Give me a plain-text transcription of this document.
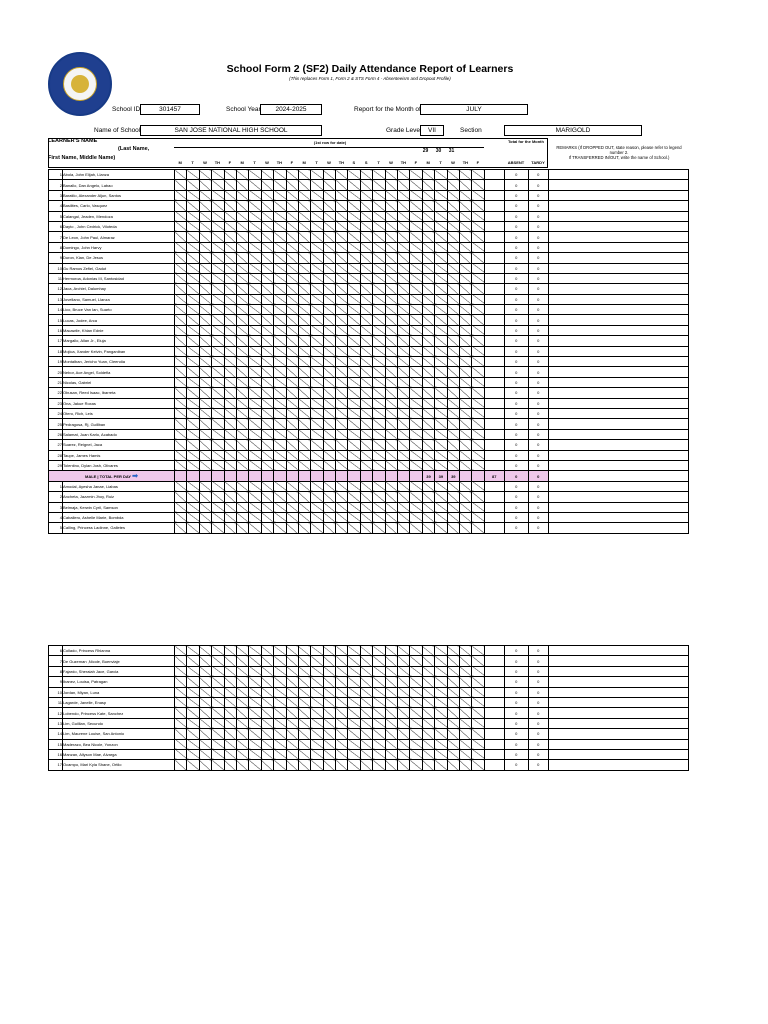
School Form 2 (SF2) Daily Attendance Report of Learners
(This replaces Form 1, Form 2 & STS Form 4 - Absenteeism and Dropout Profile)
School ID	301457	School Year	2024-2025	Report for the Month of	JULY
Name of School	SAN JOSE NATIONAL HIGH SCHOOL	Grade Level	VII	Section	MARIGOLD
LEARNER'S NAME
(Last Name,
First Name, Middle Name)
(1st row for date)
29	30	31
M	T	W	TH	F	M	T	W	TH	F	M	T	W	TH	S	S	T	W	TH	F	M	T	W	TH	F
Total for the Month
ABSENT	TARDY
REMARKS (If DROPPED OUT, state reason, please refer to legend number 2.
If TRANSFERRED IN/OUT, write the name of School.)
1	Abola, John Elijah, Llanza																											0	0	
2	Banallo, Dan Angelo, Labao																											0	0	
3	Baratilo, Alexander Aljun, Santos																											0	0	
4	Basilites, Carlo, Vasquez																											0	0	
5	Calangal, Jeaden, Mendoza																											0	0	
6	Dayto , John Cedrick, Viloteda																											0	0	
7	De Leon, John Paul, Almaraz																											0	0	
8	Domingo, John Harvy																											0	0	
9	Duron, Kian, De Jesus																											0	0	
10	Gu Ramos Zefiel, Gadut																											0	0	
11	Hermoroa, Adonias III, Santosidad																											0	0	
12	Jaca, Archiel, Dalumhay																											0	0	
13	Jovellano, Samuel, Llanza																											0	0	
14	Lico, Bruce Van Ian, Suarto																											0	0	
15	Lucas, Jodee, Arca																											0	0	
16	Macawile, Khian Ednie																											0	0	
17	Margallo, Allan Jr., Eluja																											0	0	
18	Mojica, Xander Kelvin, Panganiban																											0	0	
19	Montalban, Jericho Yuan, Cleendia																											0	0	
20	Nebor, Ace Angel, Soldefia																											0	0	
21	Nicolas, Gabriel																											0	0	
22	Obusan, Reed Isaac, Ibarreta																											0	0	
23	Ona, Jakue Roxas																											0	0	
24	Otero, Rich, Leis																											0	0	
25	Pedragosa, Rj, Guillban																											0	0	
26	Salamat, Juan Karlo, Acabado																											0	0	
27	Suarez, Reignel, Jaca																											0	0	
28	Taupe, James Hamis																											0	0	
29	Tolentino, Dylan Josh, Olivares																											0	0	
MALE | TOTAL PER DAY ➡																						39	39	39			87	0	0	
1	Amodal, Ayesha Janae, Liabas																											0	0	
2	Ancheta, Jazzmin Jhoy, Ruiz																											0	0	
3	Belmaja, Kerwin Cyril, Samson																											0	0	
4	Caballero, Ashelle Marie, Bombda																											0	0	
5	Calling, Princess Ladinne, Galletes																											0	0	
6	Collado, Princess Rhianna																											0	0	
7	De Guzeman ,Nicole, Buenviaje																											0	0	
8	Fajardo, Sheraiah Jace, Garcia																											0	0	
9	Ibanez, Louisa, Patragan																											0	0	
10	Jordan, Miyan, Luna																											0	0	
11	Lagarde, Janelle, Enasp																											0	0	
12	Lobendo, Princess Kate, Sanchez																											0	0	
13	Lim, Guillian, Secundo																											0	0	
14	Lim, Maurene Louise, San Antonio																											0	0	
15	Maderazo, Bea Nicole, Yonzon																											0	0	
16	Manzan, Allyson Mae, Alvarga																											0	0	
17	Ocampo, Mari Kyla Shane, Ortilo																											0	0	
